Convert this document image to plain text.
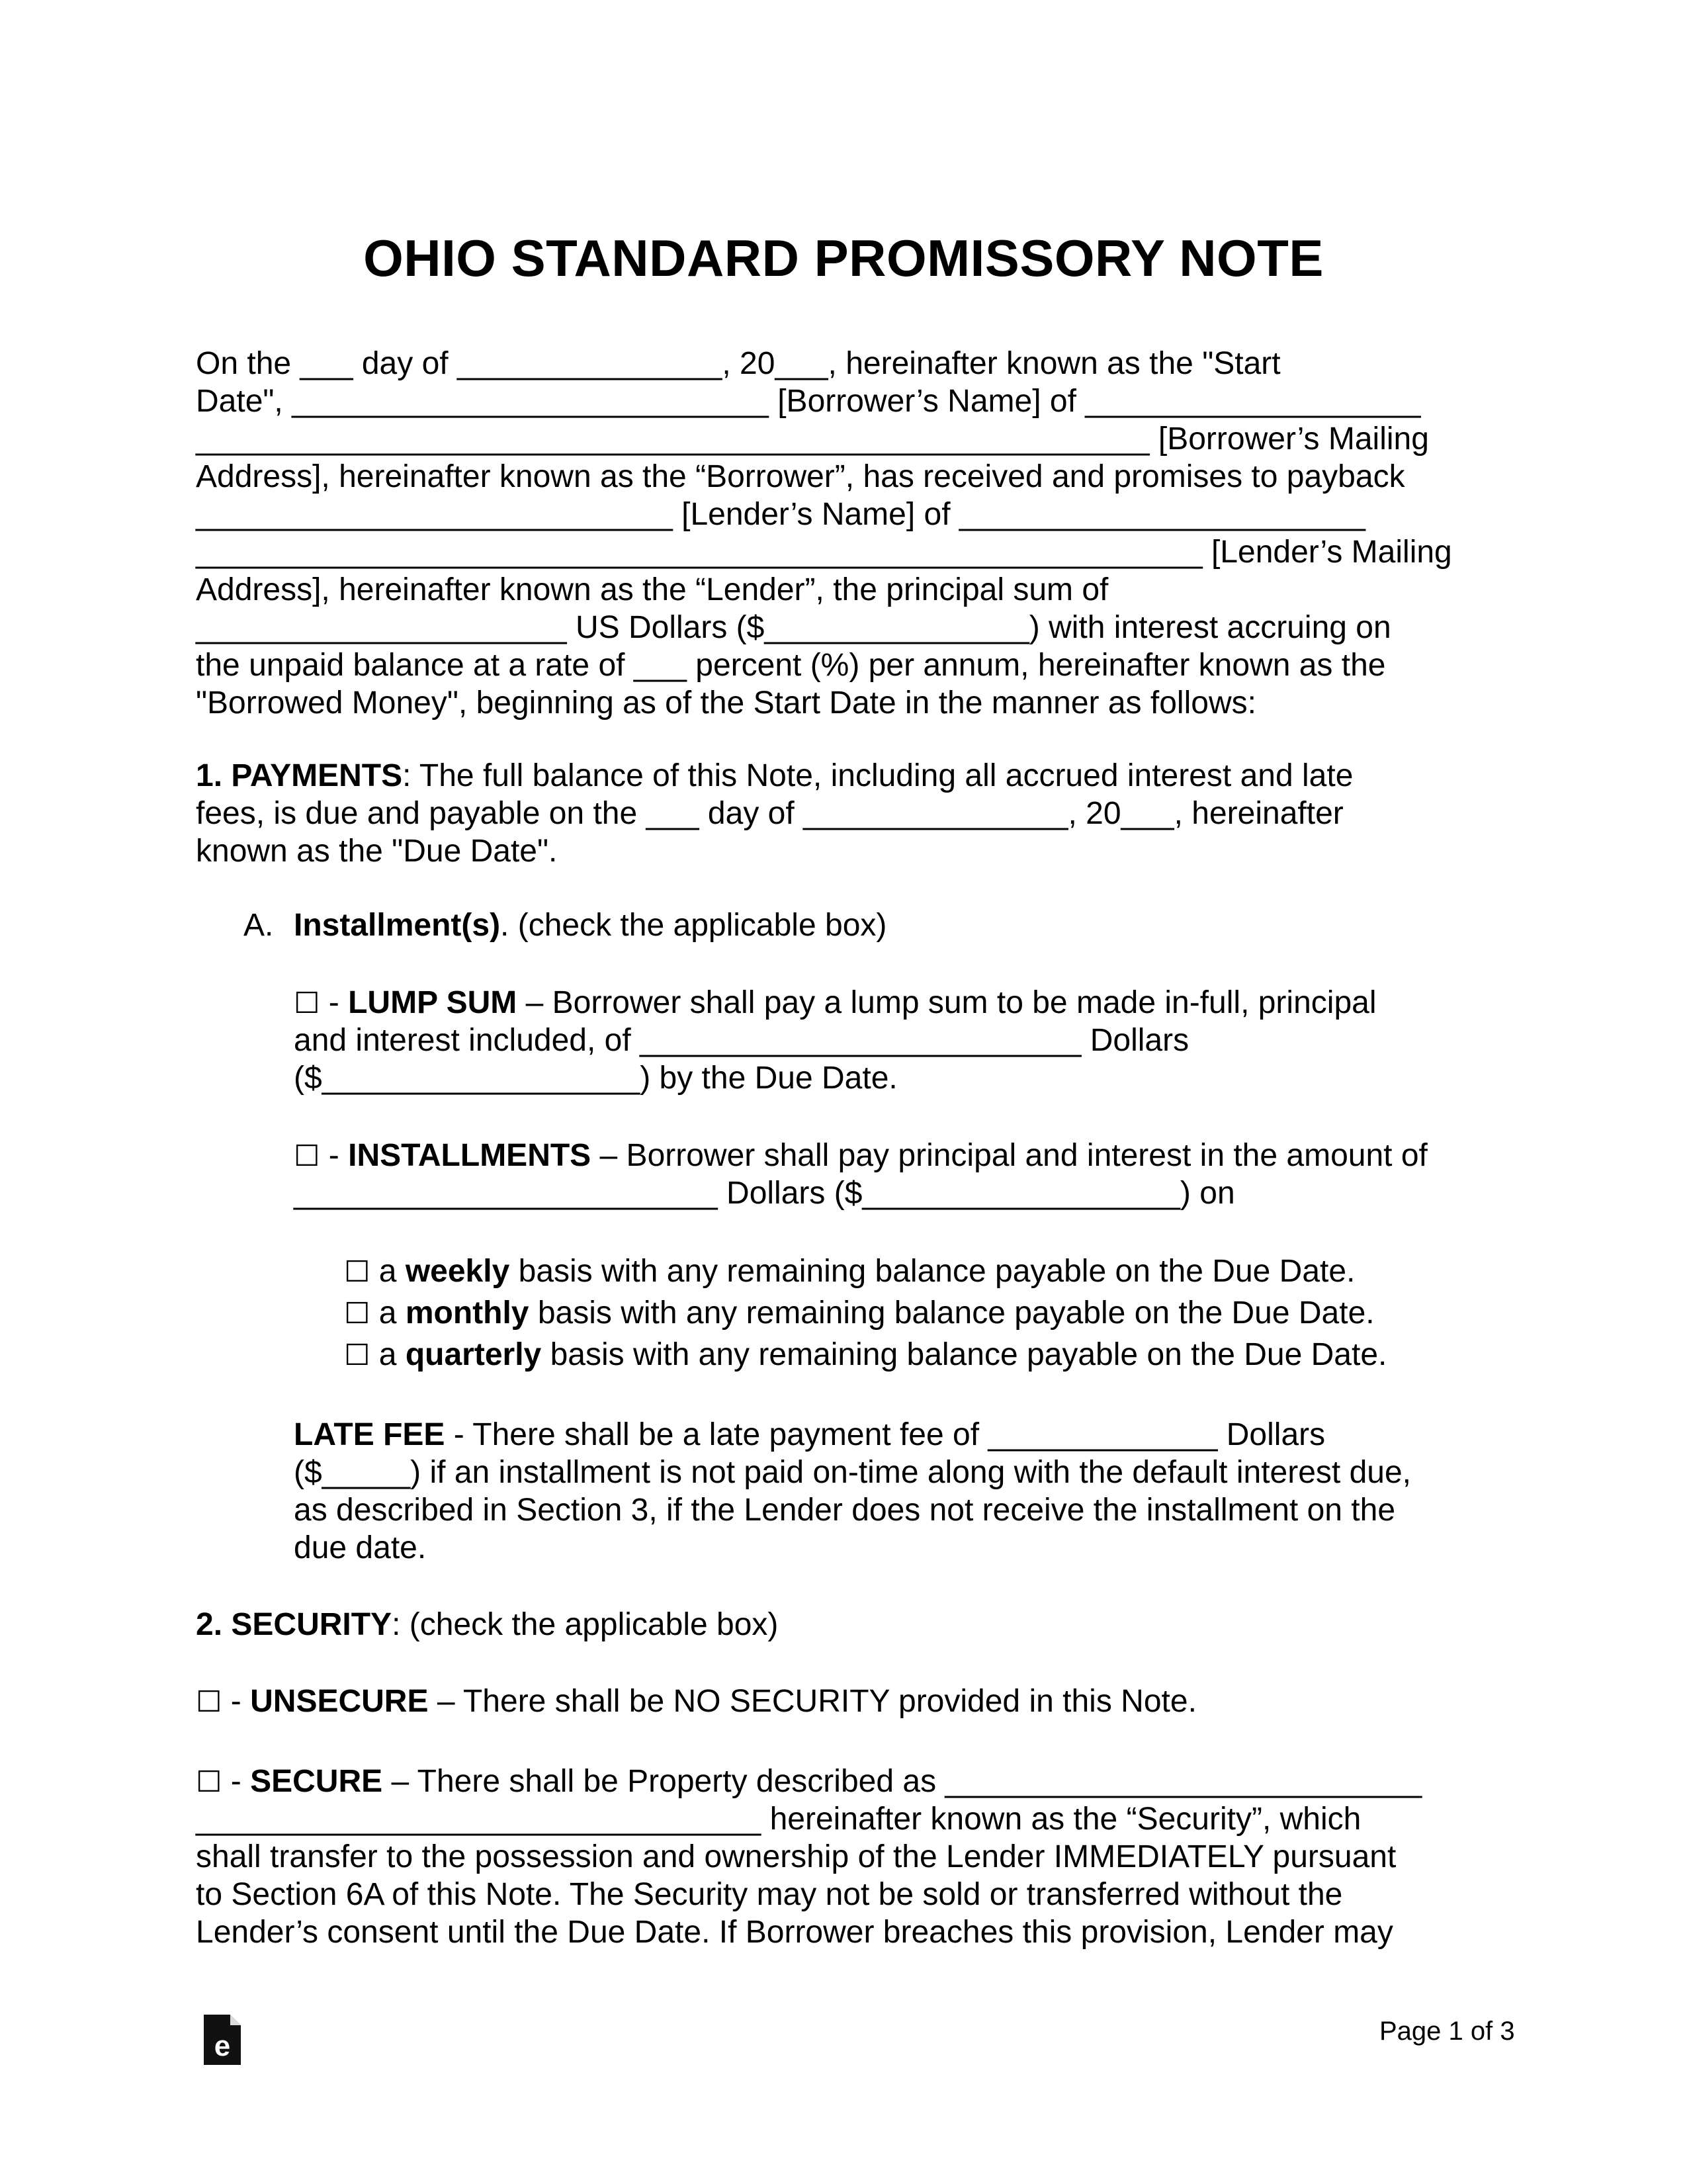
OHIO STANDARD PROMISSORY NOTE

On the ___ day of _______________, 20___, hereinafter known as the "Start

Date", ___________________________ [Borrower’s Name] of ___________________

______________________________________________________ [Borrower’s Mailing

Address], hereinafter known as the “Borrower”, has received and promises to payback

___________________________ [Lender’s Name] of _______________________

_________________________________________________________ [Lender’s Mailing

Address], hereinafter known as the “Lender”, the principal sum of

_____________________ US Dollars ($_______________) with interest accruing on

the unpaid balance at a rate of ___ percent (%) per annum, hereinafter known as the

"Borrowed Money", beginning as of the Start Date in the manner as follows:

1. PAYMENTS: The full balance of this Note, including all accrued interest and late

fees, is due and payable on the ___ day of _______________, 20___, hereinafter

known as the "Due Date".

A. Installment(s). (check the applicable box)

☐ - LUMP SUM – Borrower shall pay a lump sum to be made in-full, principal

and interest included, of _________________________ Dollars

($__________________) by the Due Date.

☐ - INSTALLMENTS – Borrower shall pay principal and interest in the amount of

________________________ Dollars ($__________________) on

☐ a weekly basis with any remaining balance payable on the Due Date.

☐ a monthly basis with any remaining balance payable on the Due Date.

☐ a quarterly basis with any remaining balance payable on the Due Date.

LATE FEE - There shall be a late payment fee of _____________ Dollars

($_____) if an installment is not paid on-time along with the default interest due,

as described in Section 3, if the Lender does not receive the installment on the

due date.

2. SECURITY: (check the applicable box)

☐ - UNSECURE – There shall be NO SECURITY provided in this Note.

☐ - SECURE – There shall be Property described as ___________________________

________________________________ hereinafter known as the “Security”, which

shall transfer to the possession and ownership of the Lender IMMEDIATELY pursuant

to Section 6A of this Note. The Security may not be sold or transferred without the

Lender’s consent until the Due Date. If Borrower breaches this provision, Lender may

e	Page 1 of 3
